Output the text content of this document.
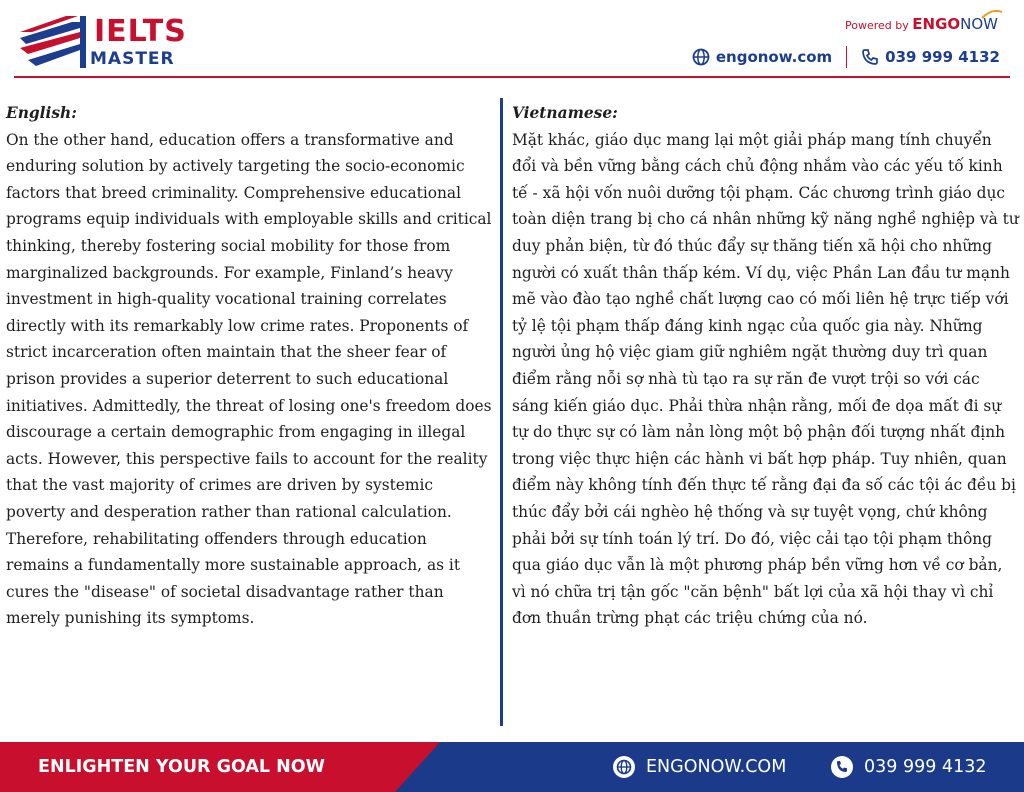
IELTS
MASTER
Powered by ENGONOW
engonow.com	039 999 4132
English:
On the other hand, education offers a transformative and enduring solution by actively targeting the socio-economic factors that breed criminality. Comprehensive educational programs equip individuals with employable skills and critical thinking, thereby fostering social mobility for those from marginalized backgrounds. For example, Finland’s heavy investment in high-quality vocational training correlates directly with its remarkably low crime rates. Proponents of strict incarceration often maintain that the sheer fear of prison provides a superior deterrent to such educational initiatives. Admittedly, the threat of losing one's freedom does discourage a certain demographic from engaging in illegal acts. However, this perspective fails to account for the reality that the vast majority of crimes are driven by systemic poverty and desperation rather than rational calculation. Therefore, rehabilitating offenders through education remains a fundamentally more sustainable approach, as it cures the "disease" of societal disadvantage rather than merely punishing its symptoms.
Vietnamese:
Mặt khác, giáo dục mang lại một giải pháp mang tính chuyển đổi và bền vững bằng cách chủ động nhắm vào các yếu tố kinh tế - xã hội vốn nuôi dưỡng tội phạm. Các chương trình giáo dục toàn diện trang bị cho cá nhân những kỹ năng nghề nghiệp và tư duy phản biện, từ đó thúc đẩy sự thăng tiến xã hội cho những người có xuất thân thấp kém. Ví dụ, việc Phần Lan đầu tư mạnh mẽ vào đào tạo nghề chất lượng cao có mối liên hệ trực tiếp với tỷ lệ tội phạm thấp đáng kinh ngạc của quốc gia này. Những người ủng hộ việc giam giữ nghiêm ngặt thường duy trì quan điểm rằng nỗi sợ nhà tù tạo ra sự răn đe vượt trội so với các sáng kiến giáo dục. Phải thừa nhận rằng, mối đe dọa mất đi sự tự do thực sự có làm nản lòng một bộ phận đối tượng nhất định trong việc thực hiện các hành vi bất hợp pháp. Tuy nhiên, quan điểm này không tính đến thực tế rằng đại đa số các tội ác đều bị thúc đẩy bởi cái nghèo hệ thống và sự tuyệt vọng, chứ không phải bởi sự tính toán lý trí. Do đó, việc cải tạo tội phạm thông qua giáo dục vẫn là một phương pháp bền vững hơn về cơ bản, vì nó chữa trị tận gốc "căn bệnh" bất lợi của xã hội thay vì chỉ đơn thuần trừng phạt các triệu chứng của nó.
ENLIGHTEN YOUR GOAL NOW	ENGONOW.COM	039 999 4132
